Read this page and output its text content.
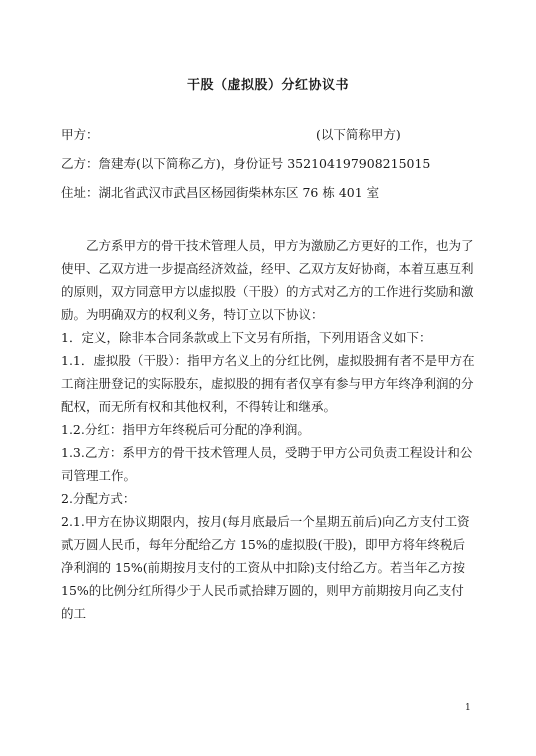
干股（虚拟股）分红协议书
甲方：	(以下简称甲方)
乙方：詹建寿(以下简称乙方)，身份证号 352104197908215015
住址：湖北省武汉市武昌区杨园街柴林东区 76 栋 401 室

乙方系甲方的骨干技术管理人员，甲方为激励乙方更好的工作，也为了使甲、乙双方进一步提高经济效益，经甲、乙双方友好协商，本着互惠互利的原则，双方同意甲方以虚拟股（干股）的方式对乙方的工作进行奖励和激励。为明确双方的权利义务，特订立以下协议：

1．定义，除非本合同条款或上下文另有所指，下列用语含义如下：

1.1．虚拟股（干股）：指甲方名义上的分红比例，虚拟股拥有者不是甲方在工商注册登记的实际股东，虚拟股的拥有者仅享有参与甲方年终净利润的分配权，而无所有权和其他权利，不得转让和继承。

1.2.分红：指甲方年终税后可分配的净利润。

1.3.乙方：系甲方的骨干技术管理人员，受聘于甲方公司负责工程设计和公司管理工作。

2.分配方式：

2.1.甲方在协议期限内，按月(每月底最后一个星期五前后)向乙方支付工资贰万圆人民币，每年分配给乙方 15%的虚拟股(干股)，即甲方将年终税后净利润的 15%(前期按月支付的工资从中扣除)支付给乙方。若当年乙方按 15%的比例分红所得少于人民币贰拾肆万圆的，则甲方前期按月向乙支付的工

1
